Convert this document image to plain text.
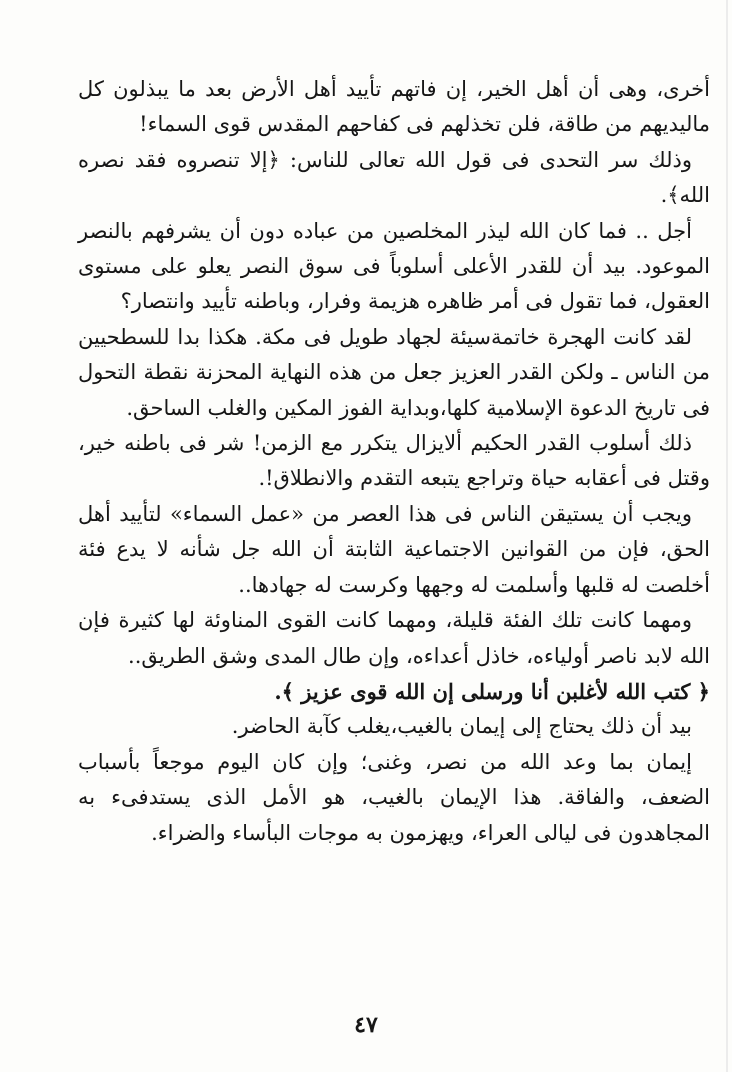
أخرى، وهى أن أهل الخير، إن فاتهم تأييد أهل الأرض بعد ما يبذلون كل ماليديهم من طاقة، فلن تخذلهم فى كفاحهم المقدس قوى السماء!

وذلك سر التحدى فى قول الله تعالى للناس: ﴿إلا تنصروه فقد نصره الله﴾.

أجل .. فما كان الله ليذر المخلصين من عباده دون أن يشرفهم بالنصر الموعود. بيد أن للقدر الأعلى أسلوباً فى سوق النصر يعلو على مستوى العقول، فما تقول فى أمر ظاهره هزيمة وفرار، وباطنه تأييد وانتصار؟

لقد كانت الهجرة خاتمةسيئة لجهاد طويل فى مكة. هكذا بدا للسطحيين من الناس ـ ولكن القدر العزيز جعل من هذه النهاية المحزنة نقطة التحول فى تاريخ الدعوة الإسلامية كلها،وبداية الفوز المكين والغلب الساحق.

ذلك أسلوب القدر الحكيم ألايزال يتكرر مع الزمن! شر فى باطنه خير، وقتل فى أعقابه حياة وتراجع يتبعه التقدم والانطلاق!.

ويجب أن يستيقن الناس فى هذا العصر من «عمل السماء» لتأييد أهل الحق، فإن من القوانين الاجتماعية الثابتة أن الله جل شأنه لا يدع فئة أخلصت له قلبها وأسلمت له وجهها وكرست له جهادها..

ومهما كانت تلك الفئة قليلة، ومهما كانت القوى المناوئة لها كثيرة فإن الله لابد ناصر أولياءه، خاذل أعداءه، وإن طال المدى وشق الطريق..

﴿ كتب الله لأغلبن أنا ورسلى إن الله قوى عزيز ﴾.

بيد أن ذلك يحتاج إلى إيمان بالغيب،يغلب كآبة الحاضر.

إيمان بما وعد الله من نصر، وغنى؛ وإن كان اليوم موجعاً بأسباب الضعف، والفاقة. هذا الإيمان بالغيب، هو الأمل الذى يستدفىء به المجاهدون فى ليالى العراء، ويهزمون به موجات البأساء والضراء.

٤٧
